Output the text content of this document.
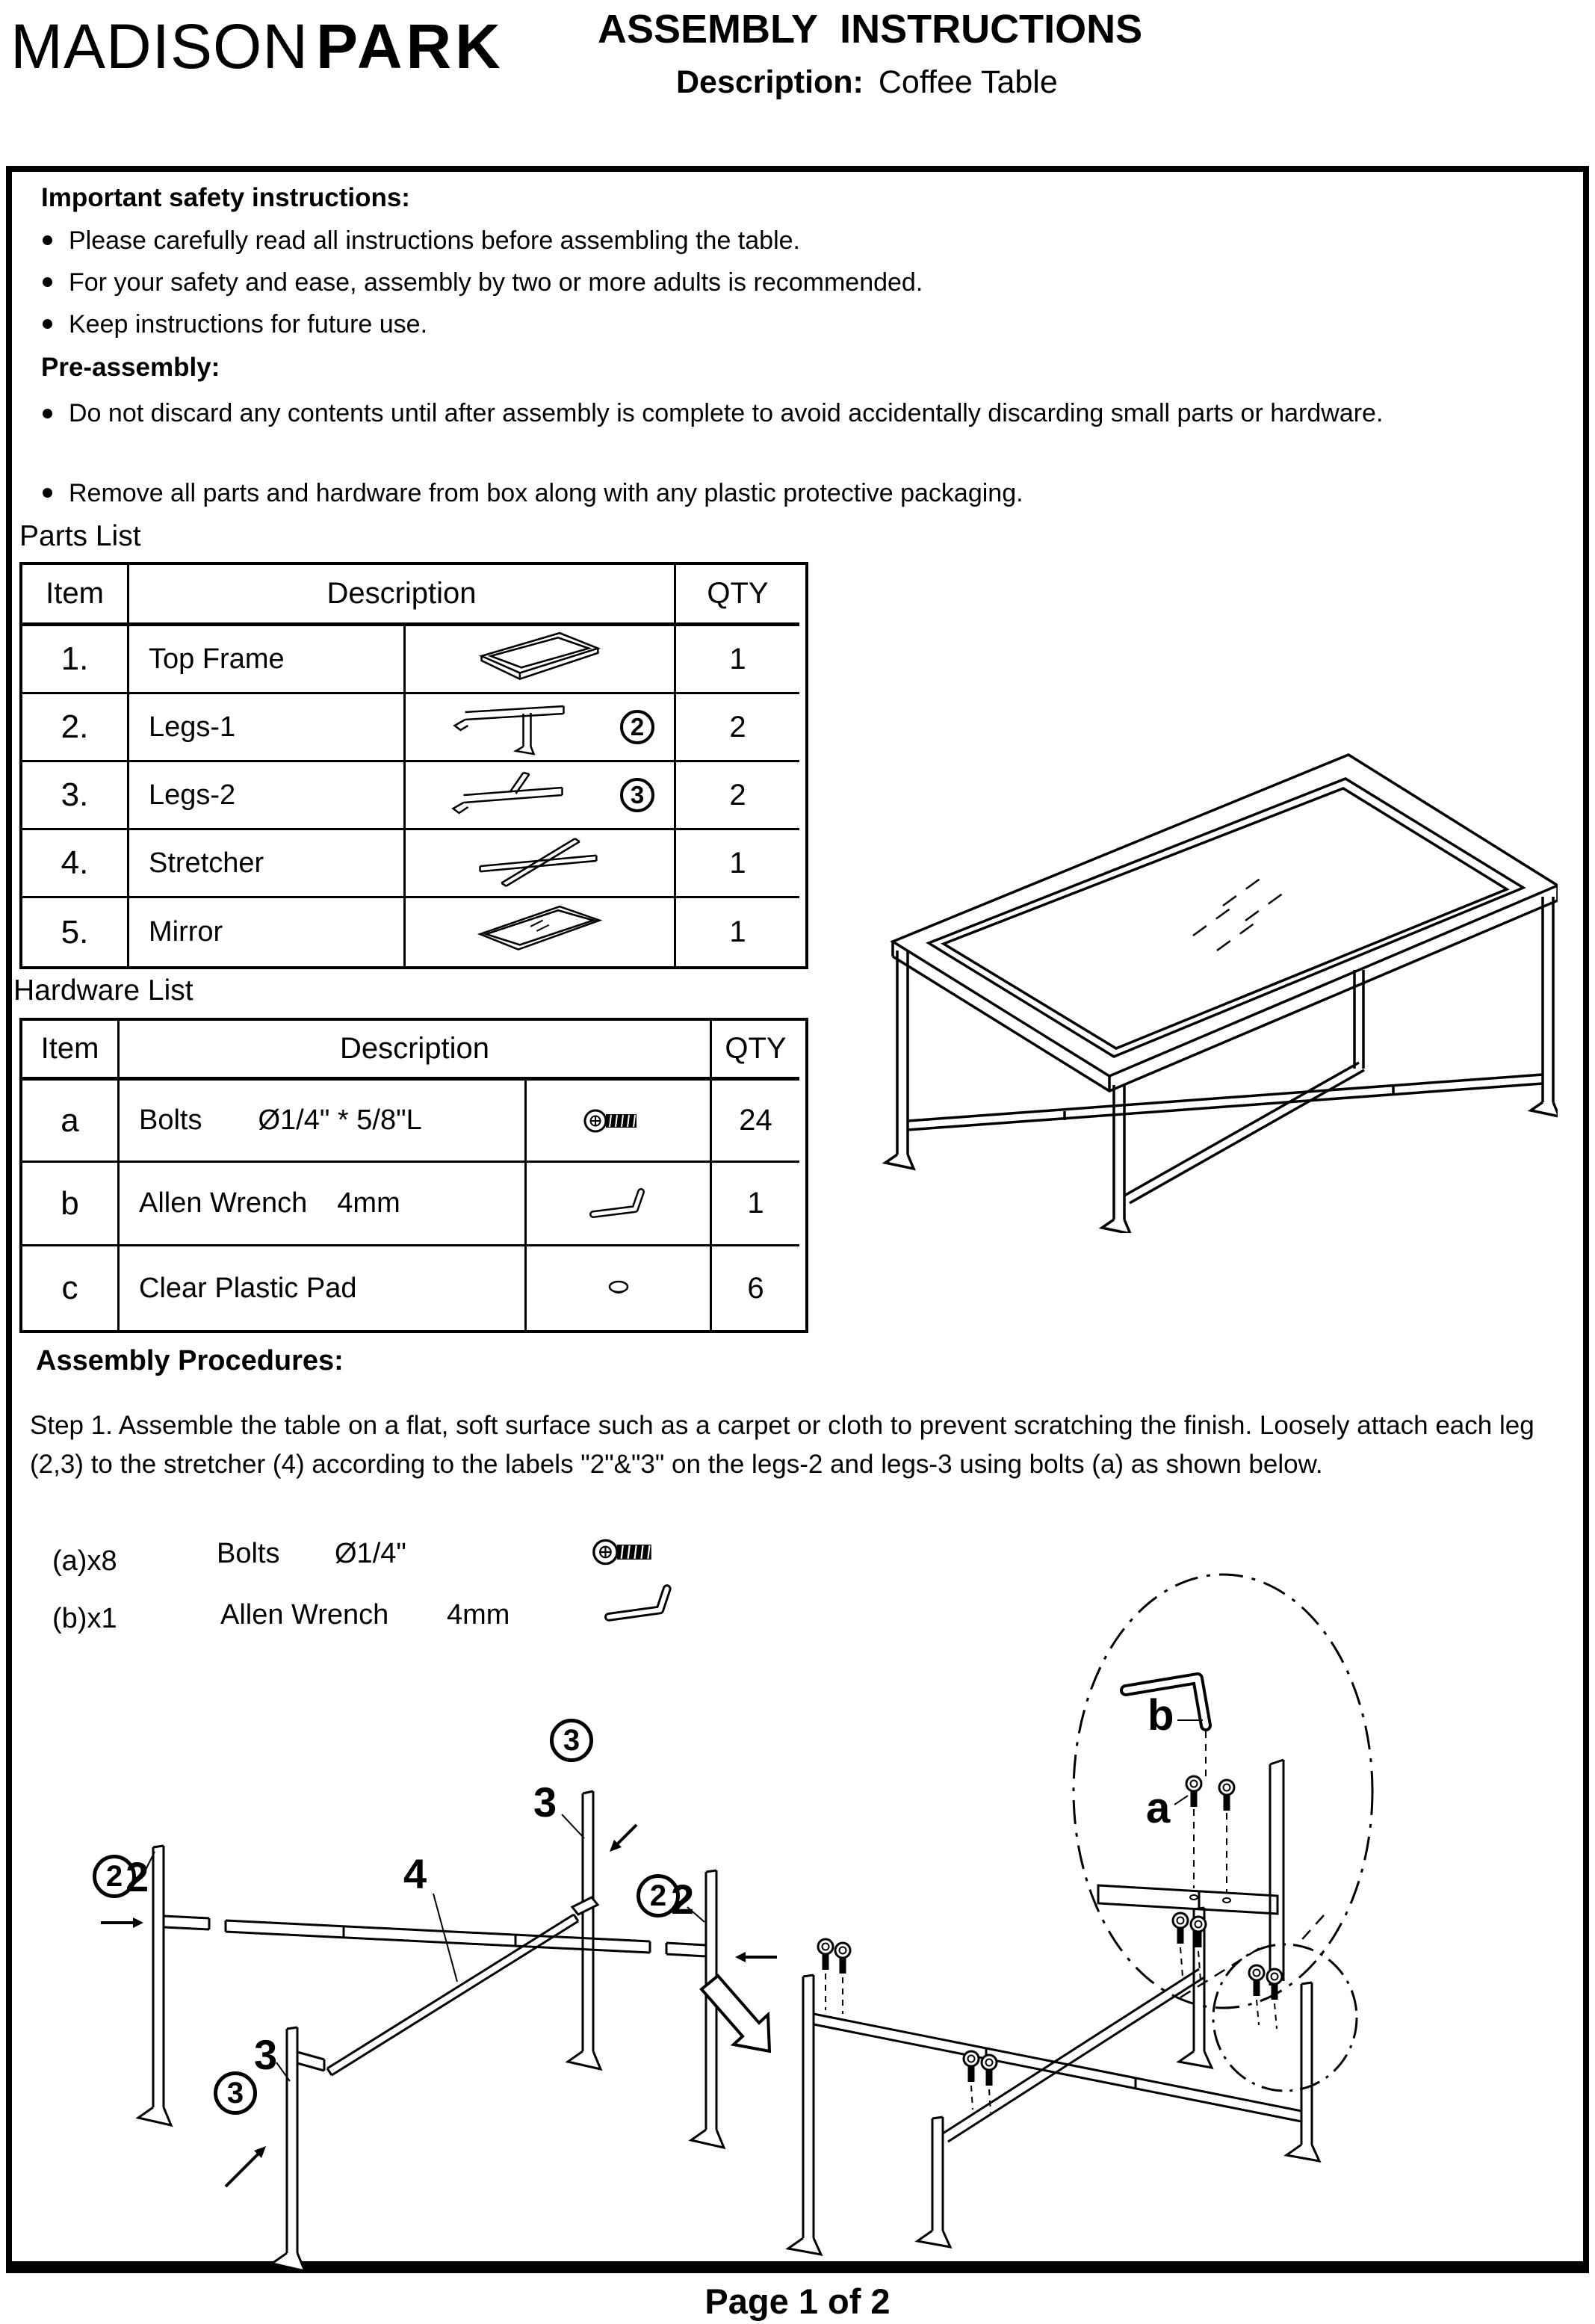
MADISON PARK ASSEMBLY  INSTRUCTIONS
Description: Coffee Table
Important safety instructions:
Please carefully read all instructions before assembling the table.
For your safety and ease, assembly by two or more adults is recommended.
Keep instructions for future use.
Pre-assembly:
Do not discard any contents until after assembly is complete to avoid accidentally discarding small parts or hardware.
Remove all parts and hardware from box along with any plastic protective packaging.
Parts List
Item	Description	QTY
1.	Top Frame	1
2.	Legs-1	2	2
3.	Legs-2	3	2
4.	Stretcher	1
5.	Mirror	1
Hardware List
Item	Description	QTY
a	Bolts Ø1/4" * 5/8"L	24
b	Allen Wrench 4mm	1
c	Clear Plastic Pad	6
Assembly Procedures:
Step 1. Assemble the table on a flat, soft surface such as a carpet or cloth to prevent scratching the finish. Loosely attach each leg (2,3) to the stretcher (4) according to the labels "2"&"3" on the legs-2 and legs-3 using bolts (a) as shown below.
(a)x8	Bolts Ø1/4"
(b)x1	Allen Wrench 4mm
3
3
2 2	2 2
4
3
3
b
a
Page 1 of 2
